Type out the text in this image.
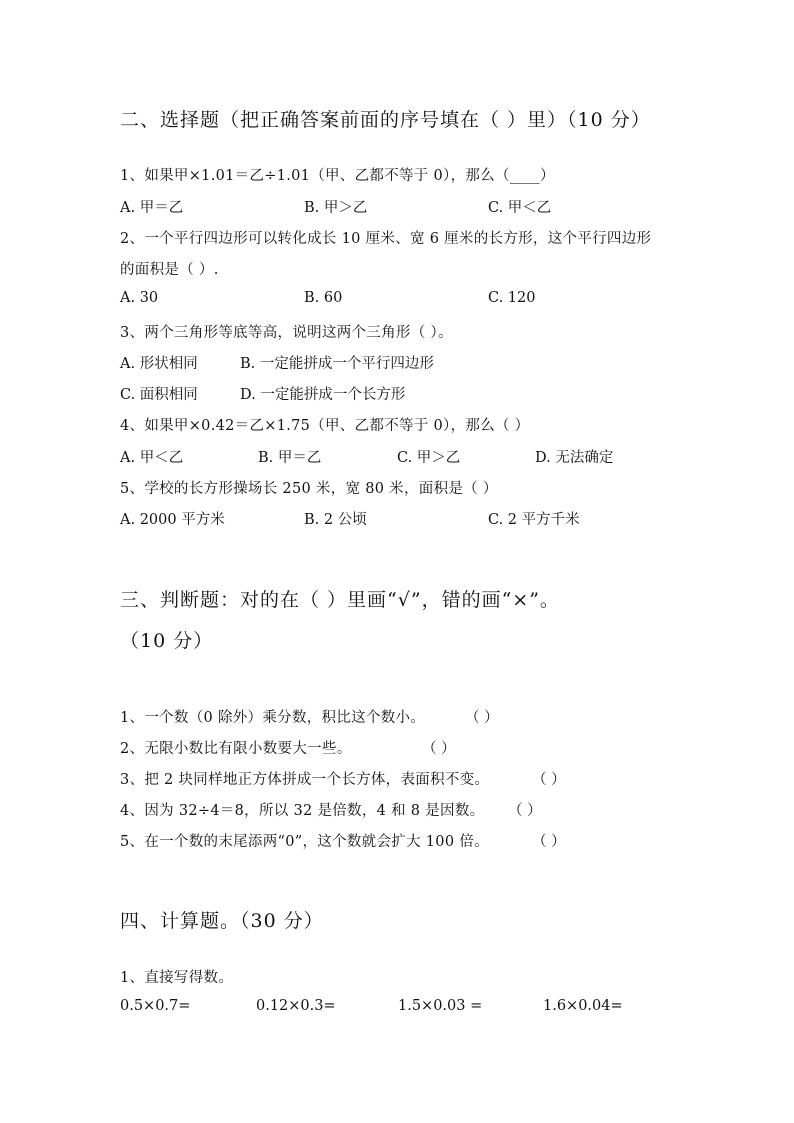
二、选择题（把正确答案前面的序号填在（ ）里）（10 分）
1、如果甲×1.01＝乙÷1.01（甲、乙都不等于 0），那么（____）
A. 甲＝乙	B. 甲＞乙	C. 甲＜乙
2、一个平行四边形可以转化成长 10 厘米、宽 6 厘米的长方形，这个平行四边形
的面积是（ ）.
A. 30	B. 60	C. 120
3、两个三角形等底等高，说明这两个三角形（ ）。
A. 形状相同	B. 一定能拼成一个平行四边形
C. 面积相同	D. 一定能拼成一个长方形
4、如果甲×0.42＝乙×1.75（甲、乙都不等于 0），那么（ ）
A. 甲＜乙	B. 甲＝乙	C. 甲＞乙	D. 无法确定
5、学校的长方形操场长 250 米，宽 80 米，面积是（ ）
A. 2000 平方米	B. 2 公顷	C. 2 平方千米
三、判断题：对的在（ ）里画“√”，错的画“×”。
（10 分）
1、一个数（0 除外）乘分数，积比这个数小。	（ ）
2、无限小数比有限小数要大一些。	（ ）
3、把 2 块同样地正方体拼成一个长方体，表面积不变。	（ ）
4、因为 32÷4＝8，所以 32 是倍数，4 和 8 是因数。 （ ）
5、在一个数的末尾添两“0”，这个数就会扩大 100 倍。	（ ）
四、计算题。（30 分）
1、直接写得数。
0.5×0.7=	0.12×0.3=	1.5×0.03 =	1.6×0.04=
